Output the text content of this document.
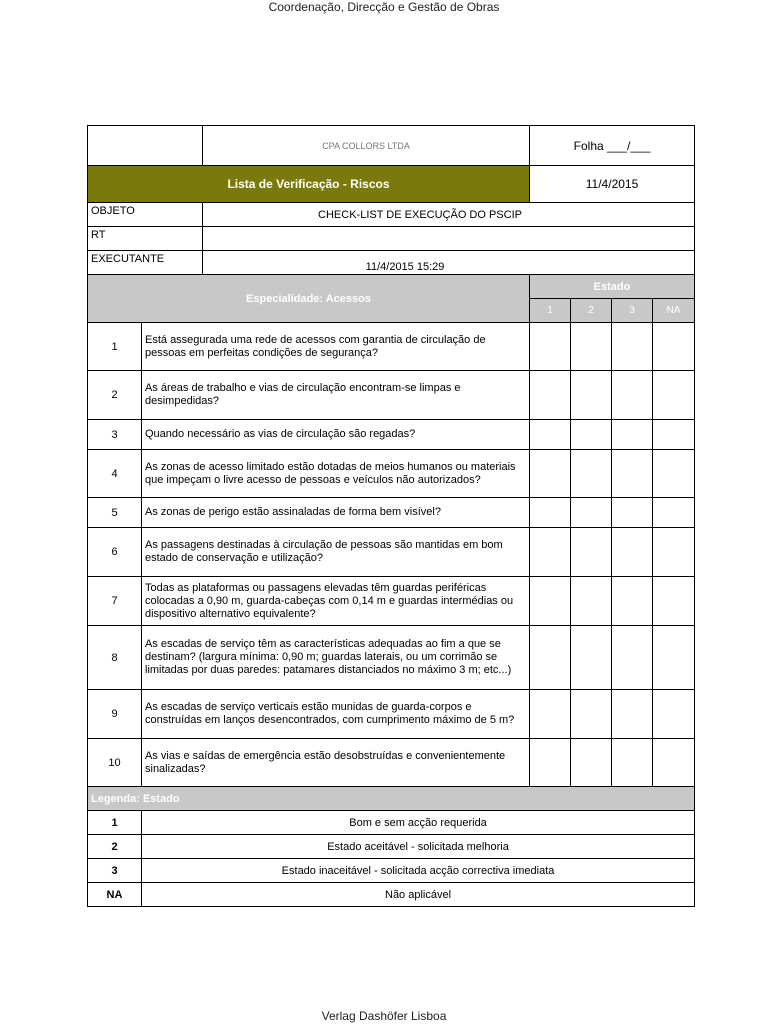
Coordenação, Direcção e Gestão de Obras
		CPA COLLORS LTDA	Folha ___/___			
Lista de Verificação - Riscos			11/4/2015			
OBJETO		CHECK-LIST DE EXECUÇÃO DO PSCIP				
RT						
EXECUTANTE		11/4/2015 15:29				
Especialidade: Acessos			Estado			
			1	2	3	NA
1	Está assegurada uma rede de acessos com garantia de circulação de pessoas em perfeitas condições de segurança?					
2	As áreas de trabalho e vias de circulação encontram-se limpas e desimpedidas?					
3	Quando necessário as vias de circulação são regadas?					
4	As zonas de acesso limitado estão dotadas de meios humanos ou materiais que impeçam o livre acesso de pessoas e veículos não autorizados?					
5	As zonas de perigo estão assinaladas de forma bem visível?					
6	As passagens destinadas à circulação de pessoas são mantidas em bom estado de conservação e utilização?					
7	Todas as plataformas ou passagens elevadas têm guardas periféricas colocadas a 0,90 m, guarda-cabeças com 0,14 m e guardas intermédias ou dispositivo alternativo equivalente?					
8	As escadas de serviço têm as características adequadas ao fim a que se destinam? (largura mínima: 0,90 m; guardas laterais, ou um corrimão se limitadas por duas paredes: patamares distanciados no máximo 3 m; etc...)					
9	As escadas de serviço verticais estão munidas de guarda-corpos e construídas em lanços desencontrados, com cumprimento máximo de 5 m?					
10	As vias e saídas de emergência estão desobstruídas e convenientemente sinalizadas?					
Legenda: Estado						
1	Bom e sem acção requerida					
2	Estado aceitável - solicitada melhoria					
3	Estado inaceitável - solicitada acção correctiva imediata					
NA	Não aplicável					
Verlag Dashöfer Lisboa
